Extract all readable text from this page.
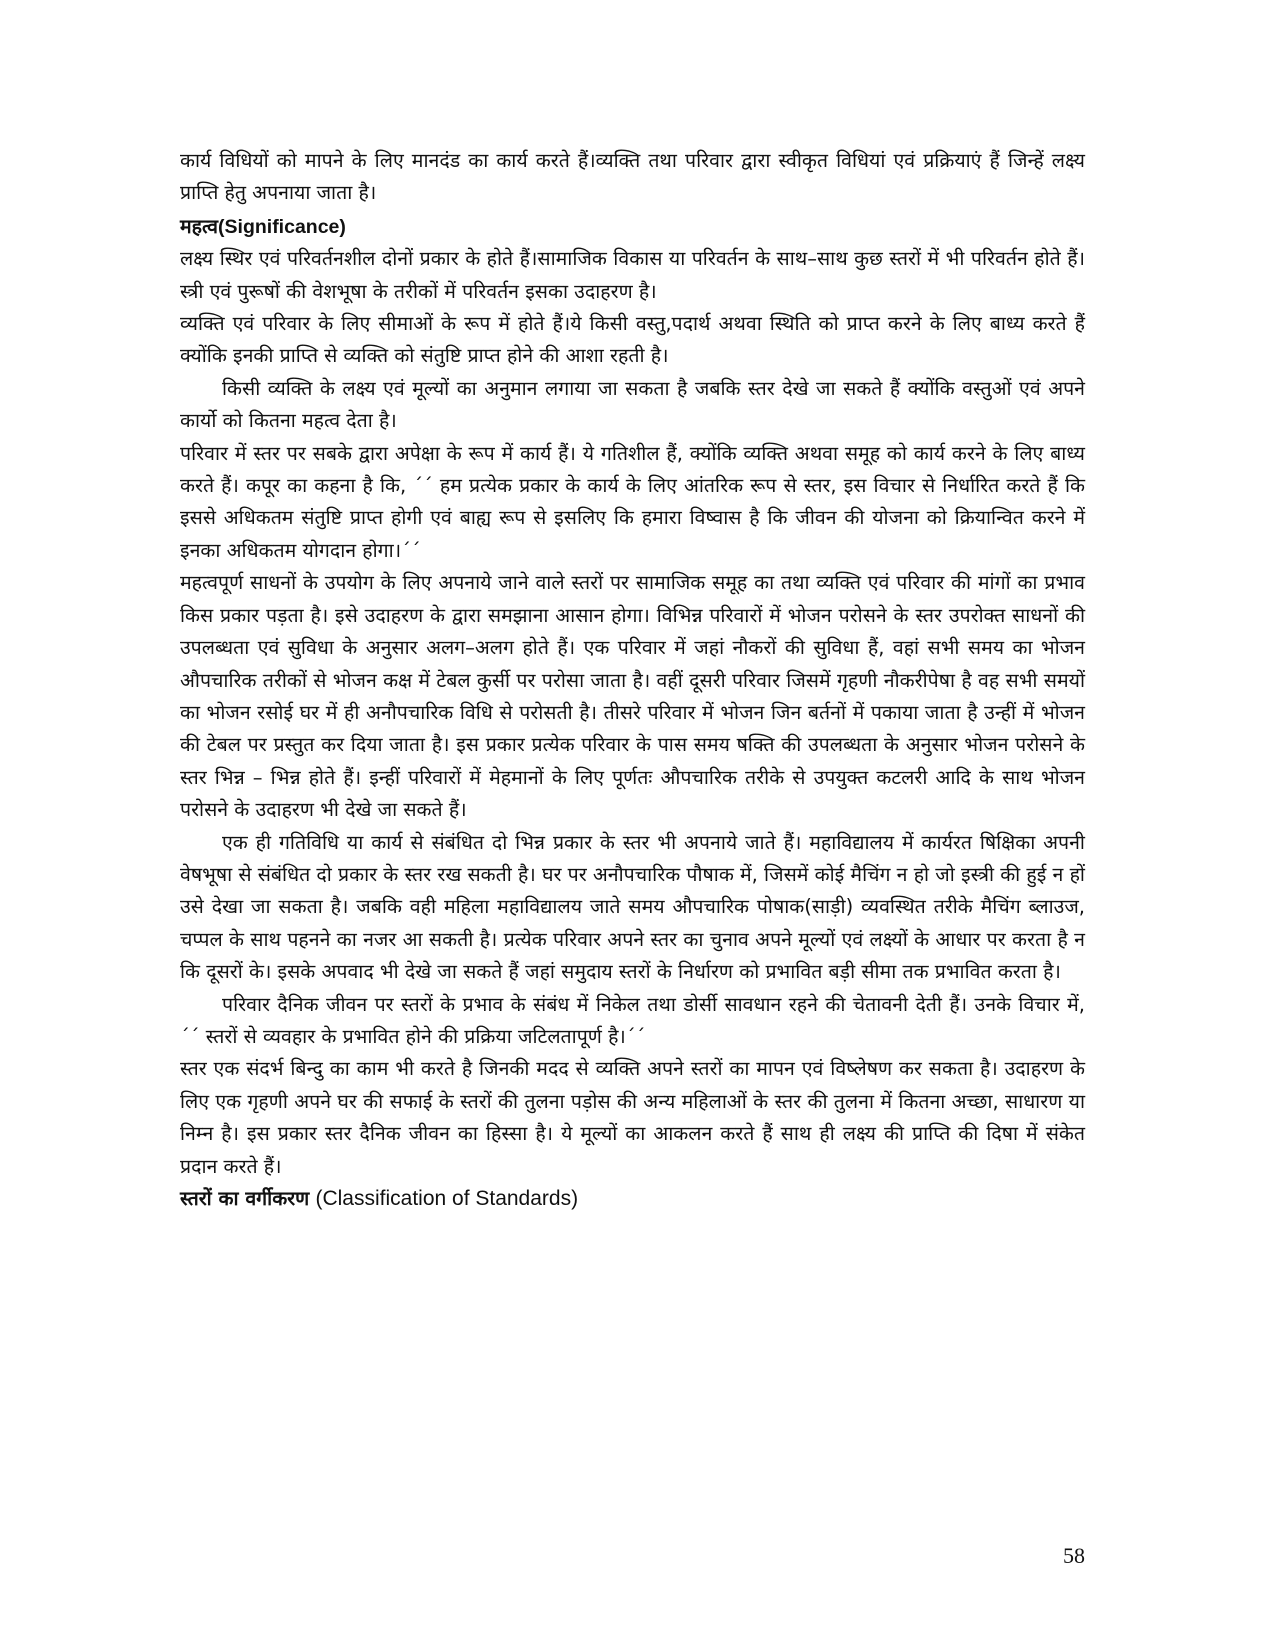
कार्य विधियों को मापने के लिए मानदंड का कार्य करते हैं।व्यक्ति तथा परिवार द्वारा स्वीकृत विधियां एवं प्रक्रियाएं हैं जिन्हें लक्ष्य प्राप्ति हेतु अपनाया जाता है।

महत्व(Significance)

लक्ष्य स्थिर एवं परिवर्तनशील दोनों प्रकार के होते हैं।सामाजिक विकास या परिवर्तन के साथ–साथ कुछ स्तरों में भी परिवर्तन होते हैं।स्त्री एवं पुरूषों की वेशभूषा के तरीकों में परिवर्तन इसका उदाहरण है।

व्यक्ति एवं परिवार के लिए सीमाओं के रूप में होते हैं।ये किसी वस्तु,पदार्थ अथवा स्थिति को प्राप्त करने के लिए बाध्य करते हैं क्योंकि इनकी प्राप्ति से व्यक्ति को संतुष्टि प्राप्त होने की आशा रहती है।

किसी व्यक्ति के लक्ष्य एवं मूल्यों का अनुमान लगाया जा सकता है जबकि स्तर देखे जा सकते हैं क्योंकि वस्तुओं एवं अपने कार्यो को कितना महत्व देता है।

परिवार में स्तर पर सबके द्वारा अपेक्षा के रूप में कार्य हैं। ये गतिशील हैं, क्योंकि व्यक्ति अथवा समूह को कार्य करने के लिए बाध्य करते हैं। कपूर का कहना है कि, ´´ हम प्रत्येक प्रकार के कार्य के लिए आंतरिक रूप से स्तर, इस विचार से निर्धारित करते हैं कि इससे अधिकतम संतुष्टि प्राप्त होगी एवं बाह्य रूप से इसलिए कि हमारा विष्वास है कि जीवन की योजना को क्रियान्वित करने में इनका अधिकतम योगदान होगा।´´

महत्वपूर्ण साधनों के उपयोग के लिए अपनाये जाने वाले स्तरों पर सामाजिक समूह का तथा व्यक्ति एवं परिवार की मांगों का प्रभाव किस प्रकार पड़ता है। इसे उदाहरण के द्वारा समझाना आसान होगा। विभिन्न परिवारों में भोजन परोसने के स्तर उपरोक्त साधनों की उपलब्धता एवं सुविधा के अनुसार अलग–अलग होते हैं। एक परिवार में जहां नौकरों की सुविधा हैं, वहां सभी समय का भोजन औपचारिक तरीकों से भोजन कक्ष में टेबल कुर्सी पर परोसा जाता है। वहीं दूसरी परिवार जिसमें गृहणी नौकरीपेषा है वह सभी समयों का भोजन रसोई घर में ही अनौपचारिक विधि से परोसती है। तीसरे परिवार में भोजन जिन बर्तनों में पकाया जाता है उन्हीं में भोजन की टेबल पर प्रस्तुत कर दिया जाता है। इस प्रकार प्रत्येक परिवार के पास समय षक्ति की उपलब्धता के अनुसार भोजन परोसने के स्तर भिन्न – भिन्न होते हैं। इन्हीं परिवारों में मेहमानों के लिए पूर्णतः औपचारिक तरीके से उपयुक्त कटलरी आदि के साथ भोजन परोसने के उदाहरण भी देखे जा सकते हैं।

एक ही गतिविधि या कार्य से संबंधित दो भिन्न प्रकार के स्तर भी अपनाये जाते हैं। महाविद्यालय में कार्यरत षिक्षिका अपनी वेषभूषा से संबंधित दो प्रकार के स्तर रख सकती है। घर पर अनौपचारिक पौषाक में, जिसमें कोई मैचिंग न हो जो इस्त्री की हुई न हों उसे देखा जा सकता है। जबकि वही महिला महाविद्यालय जाते समय औपचारिक पोषाक(साड़ी) व्यवस्थित तरीके मैचिंग ब्लाउज, चप्पल के साथ पहनने का नजर आ सकती है। प्रत्येक परिवार अपने स्तर का चुनाव अपने मूल्यों एवं लक्ष्यों के आधार पर करता है न कि दूसरों के। इसके अपवाद भी देखे जा सकते हैं जहां समुदाय स्तरों के निर्धारण को प्रभावित बड़ी सीमा तक प्रभावित करता है।

परिवार दैनिक जीवन पर स्तरों के प्रभाव के संबंध में निकेल तथा डोर्सी सावधान रहने की चेतावनी देती हैं। उनके विचार में, ´´ स्तरों से व्यवहार के प्रभावित होने की प्रक्रिया जटिलतापूर्ण है।´´

स्तर एक संदर्भ बिन्दु का काम भी करते है जिनकी मदद से व्यक्ति अपने स्तरों का मापन एवं विष्लेषण कर सकता है। उदाहरण के लिए एक गृहणी अपने घर की सफाई के स्तरों की तुलना पड़ोस की अन्य महिलाओं के स्तर की तुलना में कितना अच्छा, साधारण या निम्न है। इस प्रकार स्तर दैनिक जीवन का हिस्सा है। ये मूल्यों का आकलन करते हैं साथ ही लक्ष्य की प्राप्ति की दिषा में संकेत प्रदान करते हैं।

स्तरों का वर्गीकरण (Classification of Standards)

58
